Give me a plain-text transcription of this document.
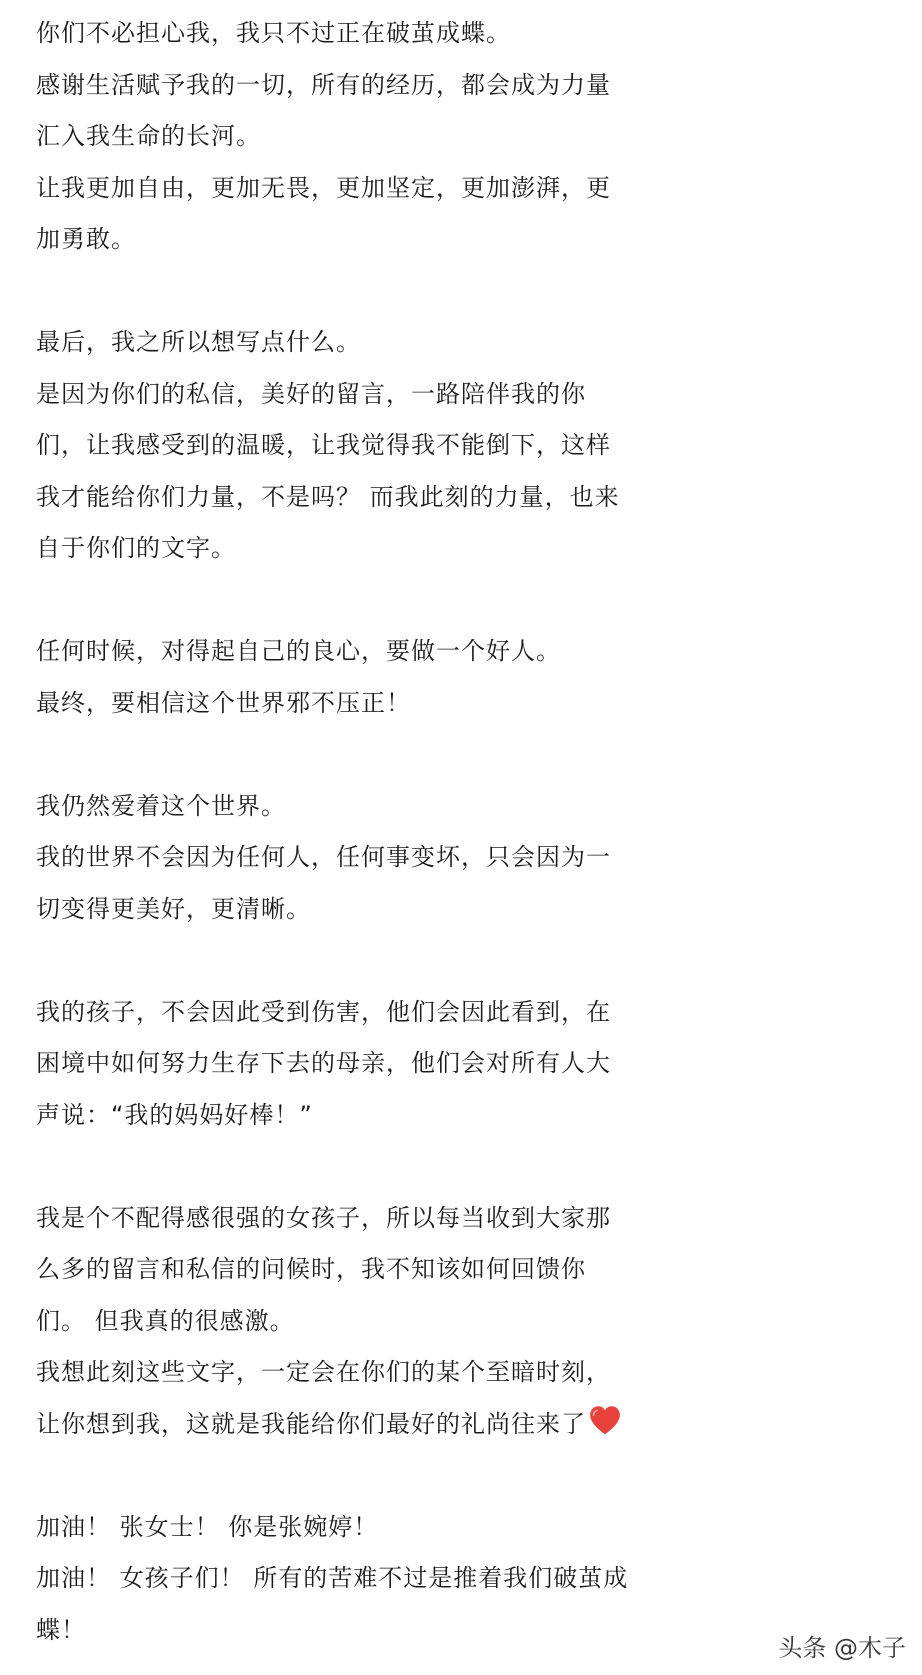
你们不必担心我，我只不过正在破茧成蝶。
感谢生活赋予我的一切，所有的经历，都会成为力量
汇入我生命的长河。
让我更加自由，更加无畏，更加坚定，更加澎湃，更
加勇敢。
最后，我之所以想写点什么。
是因为你们的私信，美好的留言，一路陪伴我的你
们，让我感受到的温暖，让我觉得我不能倒下，这样
我才能给你们力量，不是吗？ 而我此刻的力量，也来
自于你们的文字。
任何时候，对得起自己的良心，要做一个好人。
最终，要相信这个世界邪不压正！
我仍然爱着这个世界。
我的世界不会因为任何人，任何事变坏，只会因为一
切变得更美好，更清晰。
我的孩子，不会因此受到伤害，他们会因此看到，在
困境中如何努力生存下去的母亲，他们会对所有人大
声说：“我的妈妈好棒！”
我是个不配得感很强的女孩子，所以每当收到大家那
么多的留言和私信的问候时，我不知该如何回馈你
们。 但我真的很感激。
我想此刻这些文字，一定会在你们的某个至暗时刻，
让你想到我，这就是我能给你们最好的礼尚往来了
加油！ 张女士！ 你是张婉婷！
加油！ 女孩子们！ 所有的苦难不过是推着我们破茧成
蝶！
头条 @木子
